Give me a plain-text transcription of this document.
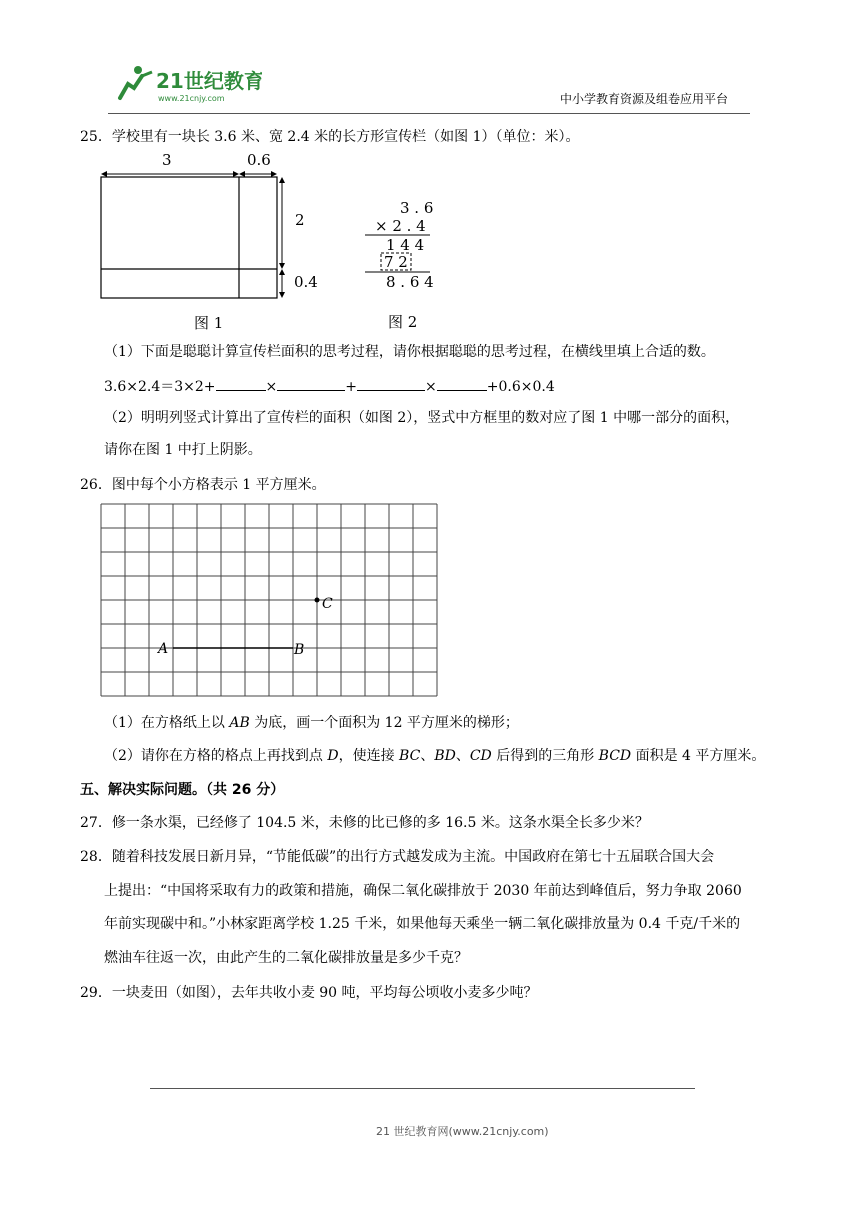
21世纪教育
www.21cnjy.com	中小学教育资源及组卷应用平台
25．学校里有一块长 3.6 米、宽 2.4 米的长方形宣传栏（如图 1）（单位：米）。
3	0.6
2
0.4
图 1
3 . 6
× 2 . 4
1 4 4
7 2
8 . 6 4
图 2
（1）下面是聪聪计算宣传栏面积的思考过程，请你根据聪聪的思考过程，在横线里填上合适的数。
3.6×2.4＝3×2+	×	+	×	+0.6×0.4
（2）明明列竖式计算出了宣传栏的面积（如图 2），竖式中方框里的数对应了图 1 中哪一部分的面积，
请你在图 1 中打上阴影。
26．图中每个小方格表示 1 平方厘米。
A	B
C
（1）在方格纸上以 AB 为底，画一个面积为 12 平方厘米的梯形；
（2）请你在方格的格点上再找到点 D，使连接 BC、BD、CD 后得到的三角形 BCD 面积是 4 平方厘米。
五、解决实际问题。（共 26 分）
27．修一条水渠，已经修了 104.5 米，未修的比已修的多 16.5 米。这条水渠全长多少米？
28．随着科技发展日新月异，“节能低碳”的出行方式越发成为主流。中国政府在第七十五届联合国大会
上提出：“中国将采取有力的政策和措施，确保二氧化碳排放于 2030 年前达到峰值后，努力争取 2060
年前实现碳中和。”小林家距离学校 1.25 千米，如果他每天乘坐一辆二氧化碳排放量为 0.4 千克/千米的
燃油车往返一次，由此产生的二氧化碳排放量是多少千克？
29．一块麦田（如图），去年共收小麦 90 吨，平均每公顷收小麦多少吨？
21 世纪教育网(www.21cnjy.com)
